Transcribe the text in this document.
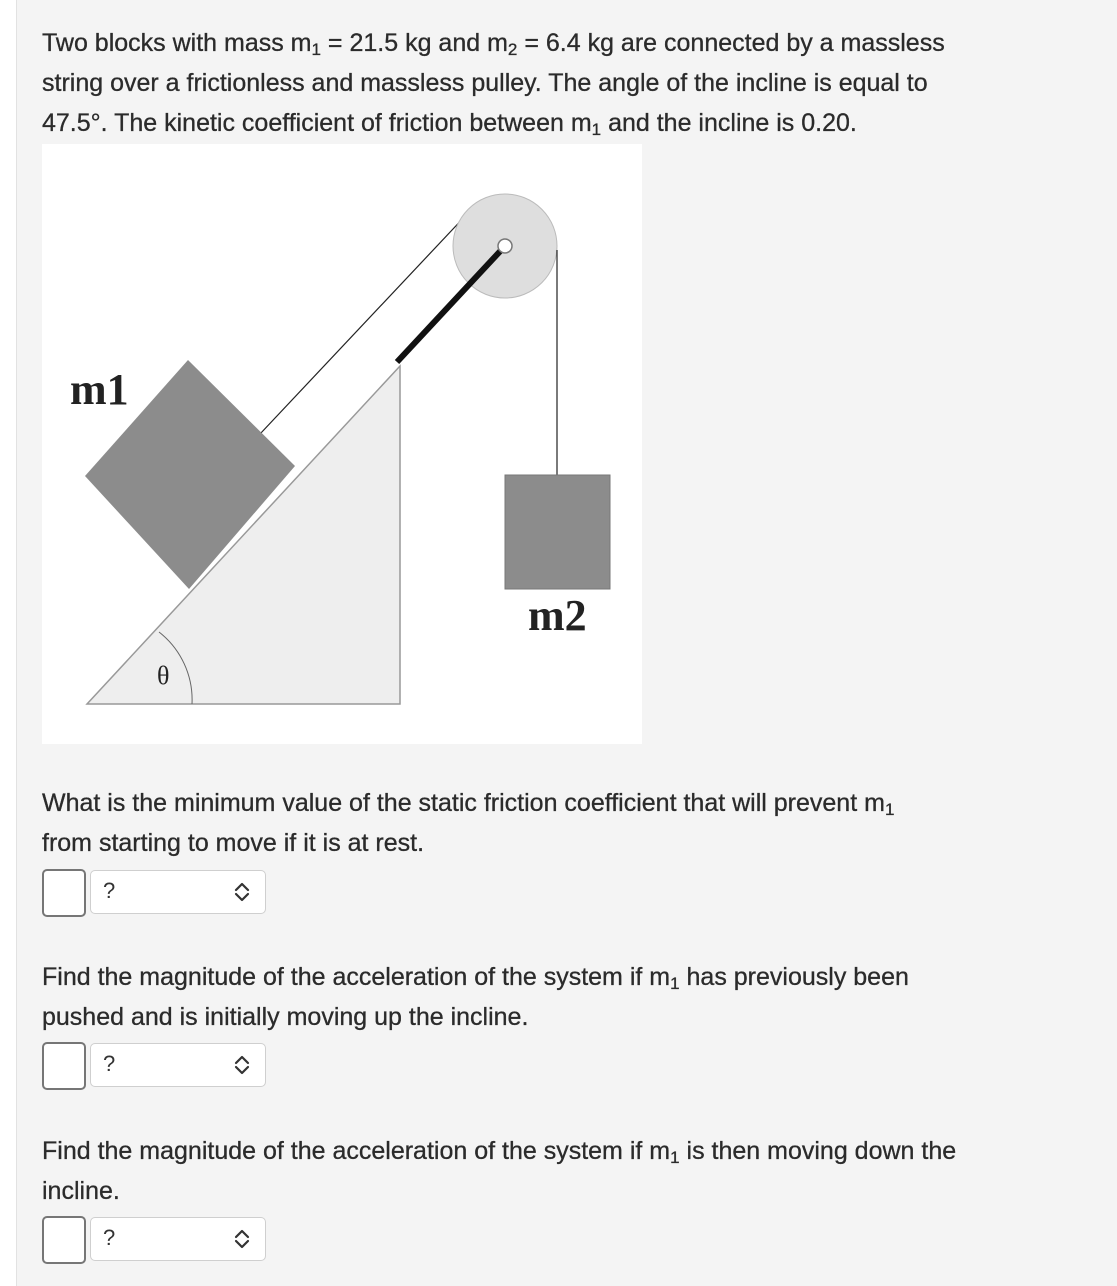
Two blocks with mass $m_1 = 21.5$ kg and $m_2 = 6.4$ kg are connected by a massless
string over a frictionless and massless pulley. The angle of the incline is equal to
47.5°. The kinetic coefficient of friction between $m_1$ and the incline is 0.20.
m1
m2
θ
What is the minimum value of the static friction coefficient that will prevent $m_1$
from starting to move if it is at rest.
?
Find the magnitude of the acceleration of the system if $m_1$ has previously been
pushed and is initially moving up the incline.
?
Find the magnitude of the acceleration of the system if $m_1$ is then moving down the
incline.
?
